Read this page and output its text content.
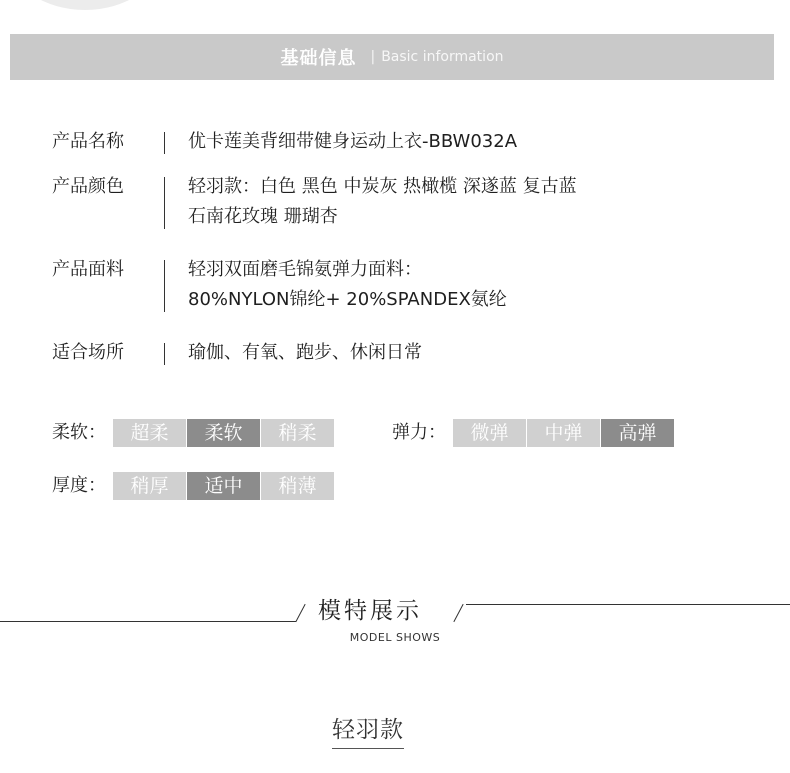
基础信息 | Basic information
产品名称	优卡莲美背细带健身运动上衣-BBW032A
产品颜色	轻羽款：白色 黑色 中炭灰 热橄榄 深遂蓝 复古蓝
石南花玫瑰 珊瑚杏
产品面料	轻羽双面磨毛锦氨弹力面料：
80%NYLON锦纶+ 20%SPANDEX氨纶
适合场所	瑜伽、有氧、跑步、休闲日常
柔软：	超柔	柔软	稍柔	弹力：	微弹	中弹	高弹
厚度：	稍厚	适中	稍薄
模特展示
MODEL SHOWS
轻羽款
